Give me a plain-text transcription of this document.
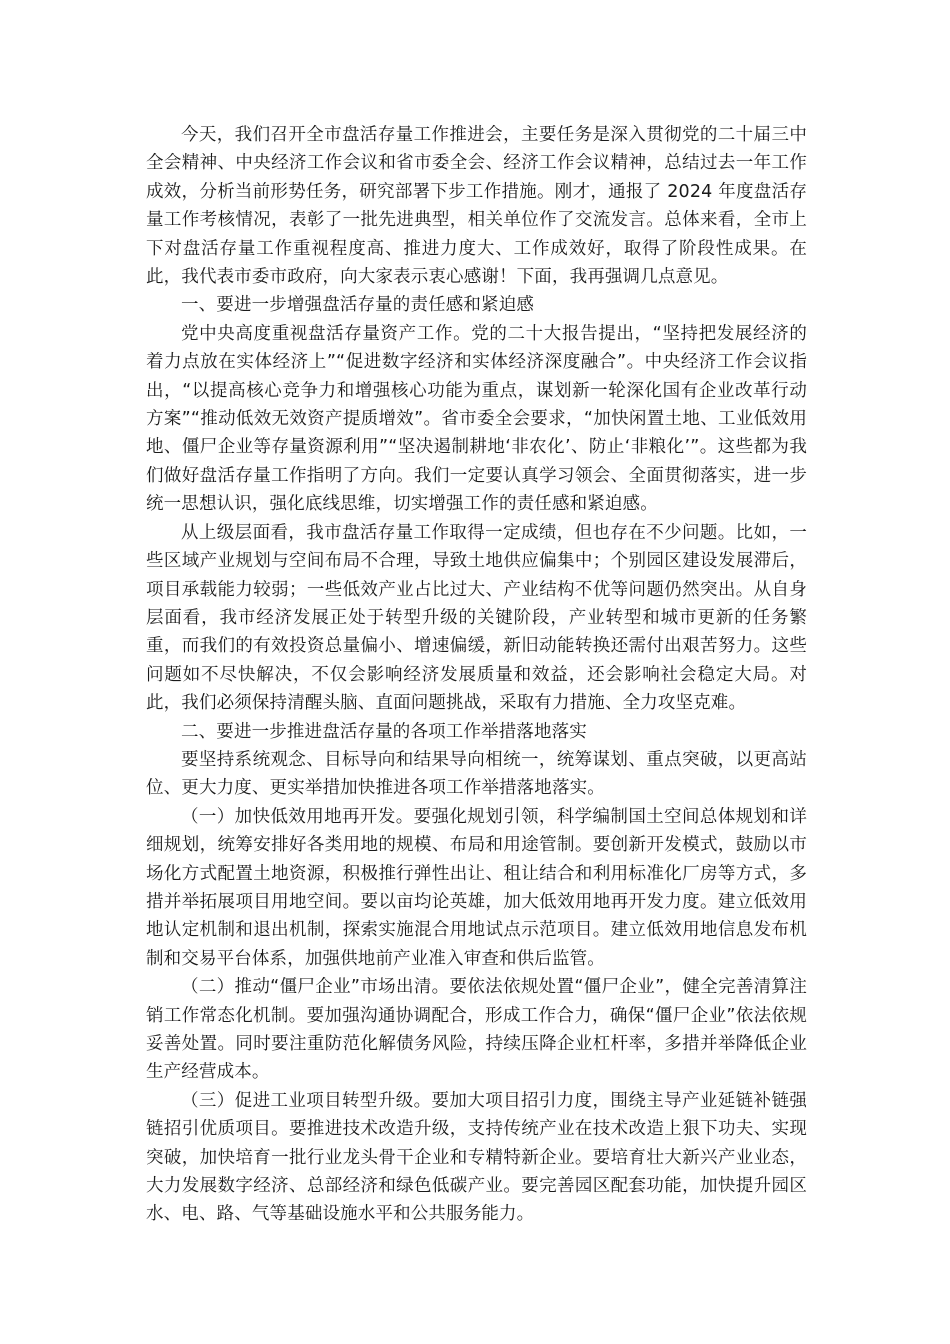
今天，我们召开全市盘活存量工作推进会，主要任务是深入贯彻党的二十届三中全会精神、中央经济工作会议和省市委全会、经济工作会议精神，总结过去一年工作成效，分析当前形势任务，研究部署下步工作措施。刚才，通报了 2024 年度盘活存量工作考核情况，表彰了一批先进典型，相关单位作了交流发言。总体来看，全市上下对盘活存量工作重视程度高、推进力度大、工作成效好，取得了阶段性成果。在此，我代表市委市政府，向大家表示衷心感谢！下面，我再强调几点意见。

一、要进一步增强盘活存量的责任感和紧迫感

党中央高度重视盘活存量资产工作。党的二十大报告提出，“坚持把发展经济的着力点放在实体经济上”“促进数字经济和实体经济深度融合”。中央经济工作会议指出，“以提高核心竞争力和增强核心功能为重点，谋划新一轮深化国有企业改革行动方案”“推动低效无效资产提质增效”。省市委全会要求，“加快闲置土地、工业低效用地、僵尸企业等存量资源利用”“坚决遏制耕地‘非农化’、防止‘非粮化’”。这些都为我们做好盘活存量工作指明了方向。我们一定要认真学习领会、全面贯彻落实，进一步统一思想认识，强化底线思维，切实增强工作的责任感和紧迫感。

从上级层面看，我市盘活存量工作取得一定成绩，但也存在不少问题。比如，一些区域产业规划与空间布局不合理，导致土地供应偏集中；个别园区建设发展滞后，项目承载能力较弱；一些低效产业占比过大、产业结构不优等问题仍然突出。从自身层面看，我市经济发展正处于转型升级的关键阶段，产业转型和城市更新的任务繁重，而我们的有效投资总量偏小、增速偏缓，新旧动能转换还需付出艰苦努力。这些问题如不尽快解决，不仅会影响经济发展质量和效益，还会影响社会稳定大局。对此，我们必须保持清醒头脑、直面问题挑战，采取有力措施、全力攻坚克难。

二、要进一步推进盘活存量的各项工作举措落地落实

要坚持系统观念、目标导向和结果导向相统一，统筹谋划、重点突破，以更高站位、更大力度、更实举措加快推进各项工作举措落地落实。

（一）加快低效用地再开发。要强化规划引领，科学编制国土空间总体规划和详细规划，统筹安排好各类用地的规模、布局和用途管制。要创新开发模式，鼓励以市场化方式配置土地资源，积极推行弹性出让、租让结合和利用标准化厂房等方式，多措并举拓展项目用地空间。要以亩均论英雄，加大低效用地再开发力度。建立低效用地认定机制和退出机制，探索实施混合用地试点示范项目。建立低效用地信息发布机制和交易平台体系，加强供地前产业准入审查和供后监管。

（二）推动“僵尸企业”市场出清。要依法依规处置“僵尸企业”，健全完善清算注销工作常态化机制。要加强沟通协调配合，形成工作合力，确保“僵尸企业”依法依规妥善处置。同时要注重防范化解债务风险，持续压降企业杠杆率，多措并举降低企业生产经营成本。

（三）促进工业项目转型升级。要加大项目招引力度，围绕主导产业延链补链强链招引优质项目。要推进技术改造升级，支持传统产业在技术改造上狠下功夫、实现突破，加快培育一批行业龙头骨干企业和专精特新企业。要培育壮大新兴产业业态，大力发展数字经济、总部经济和绿色低碳产业。要完善园区配套功能，加快提升园区水、电、路、气等基础设施水平和公共服务能力。
